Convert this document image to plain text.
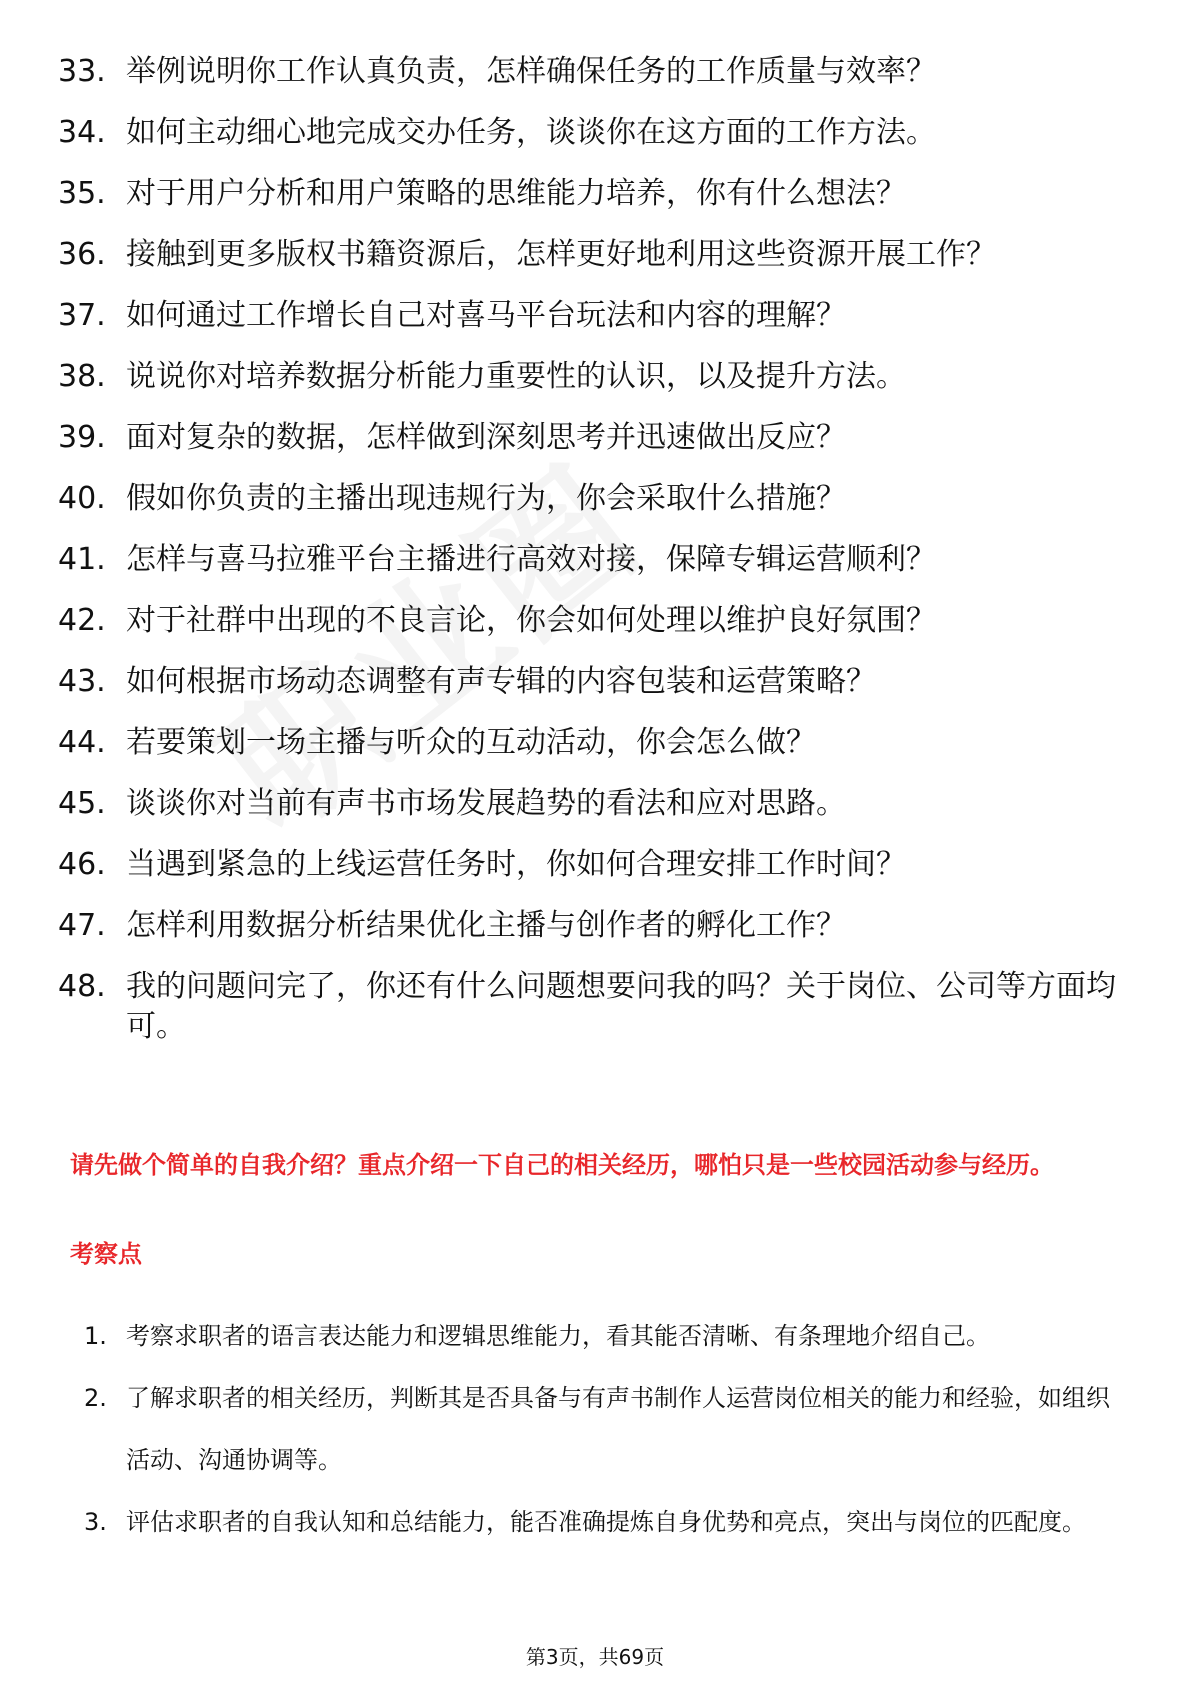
33. 举例说明你工作认真负责，怎样确保任务的工作质量与效率？
34. 如何主动细心地完成交办任务，谈谈你在这方面的工作方法。
35. 对于用户分析和用户策略的思维能力培养，你有什么想法？
36. 接触到更多版权书籍资源后，怎样更好地利用这些资源开展工作？
37. 如何通过工作增长自己对喜马平台玩法和内容的理解？
38. 说说你对培养数据分析能力重要性的认识，以及提升方法。
39. 面对复杂的数据，怎样做到深刻思考并迅速做出反应？
40. 假如你负责的主播出现违规行为，你会采取什么措施？
41. 怎样与喜马拉雅平台主播进行高效对接，保障专辑运营顺利？
42. 对于社群中出现的不良言论，你会如何处理以维护良好氛围？
43. 如何根据市场动态调整有声专辑的内容包装和运营策略？
44. 若要策划一场主播与听众的互动活动，你会怎么做？
45. 谈谈你对当前有声书市场发展趋势的看法和应对思路。
46. 当遇到紧急的上线运营任务时，你如何合理安排工作时间？
47. 怎样利用数据分析结果优化主播与创作者的孵化工作？
48. 我的问题问完了，你还有什么问题想要问我的吗？关于岗位、公司等方面均可。
请先做个简单的自我介绍？重点介绍一下自己的相关经历，哪怕只是一些校园活动参与经历。
考察点
1. 考察求职者的语言表达能力和逻辑思维能力，看其能否清晰、有条理地介绍自己。
2. 了解求职者的相关经历，判断其是否具备与有声书制作人运营岗位相关的能力和经验，如组织活动、沟通协调等。
3. 评估求职者的自我认知和总结能力，能否准确提炼自身优势和亮点，突出与岗位的匹配度。
第3页，共69页
